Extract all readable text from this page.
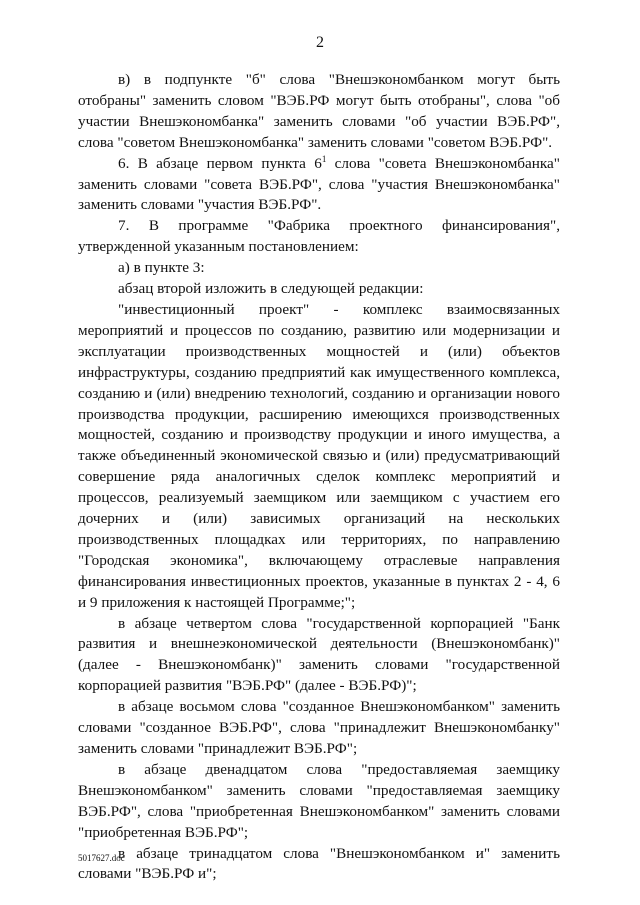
2

в) в подпункте "б" слова "Внешэкономбанком могут быть отобраны" заменить словом "ВЭБ.РФ могут быть отобраны", слова "об участии Внешэкономбанка" заменить словами "об участии ВЭБ.РФ", слова "советом Внешэкономбанка" заменить словами "советом ВЭБ.РФ".

6. В абзаце первом пункта $6^1$ слова "совета Внешэкономбанка" заменить словами "совета ВЭБ.РФ", слова "участия Внешэкономбанка" заменить словами "участия ВЭБ.РФ".

7. В программе "Фабрика проектного финансирования", утвержденной указанным постановлением:

а) в пункте 3:

абзац второй изложить в следующей редакции:

"инвестиционный проект" - комплекс взаимосвязанных мероприятий и процессов по созданию, развитию или модернизации и эксплуатации производственных мощностей и (или) объектов инфраструктуры, созданию предприятий как имущественного комплекса, созданию и (или) внедрению технологий, созданию и организации нового производства продукции, расширению имеющихся производственных мощностей, созданию и производству продукции и иного имущества, а также объединенный экономической связью и (или) предусматривающий совершение ряда аналогичных сделок комплекс мероприятий и процессов, реализуемый заемщиком или заемщиком с участием его дочерних и (или) зависимых организаций на нескольких производственных площадках или территориях, по направлению "Городская экономика", включающему отраслевые направления финансирования инвестиционных проектов, указанные в пунктах 2 - 4, 6 и 9 приложения к настоящей Программе;";

в абзаце четвертом слова "государственной корпорацией "Банк развития и внешнеэкономической деятельности (Внешэкономбанк)" (далее - Внешэкономбанк)" заменить словами "государственной корпорацией развития "ВЭБ.РФ" (далее - ВЭБ.РФ)";

в абзаце восьмом слова "созданное Внешэкономбанком" заменить словами "созданное ВЭБ.РФ", слова "принадлежит Внешэкономбанку" заменить словами "принадлежит ВЭБ.РФ";

в абзаце двенадцатом слова "предоставляемая заемщику Внешэкономбанком" заменить словами "предоставляемая заемщику ВЭБ.РФ", слова "приобретенная Внешэкономбанком" заменить словами "приобретенная ВЭБ.РФ";

в абзаце тринадцатом слова "Внешэкономбанком и" заменить словами "ВЭБ.РФ и";

5017627.doc
